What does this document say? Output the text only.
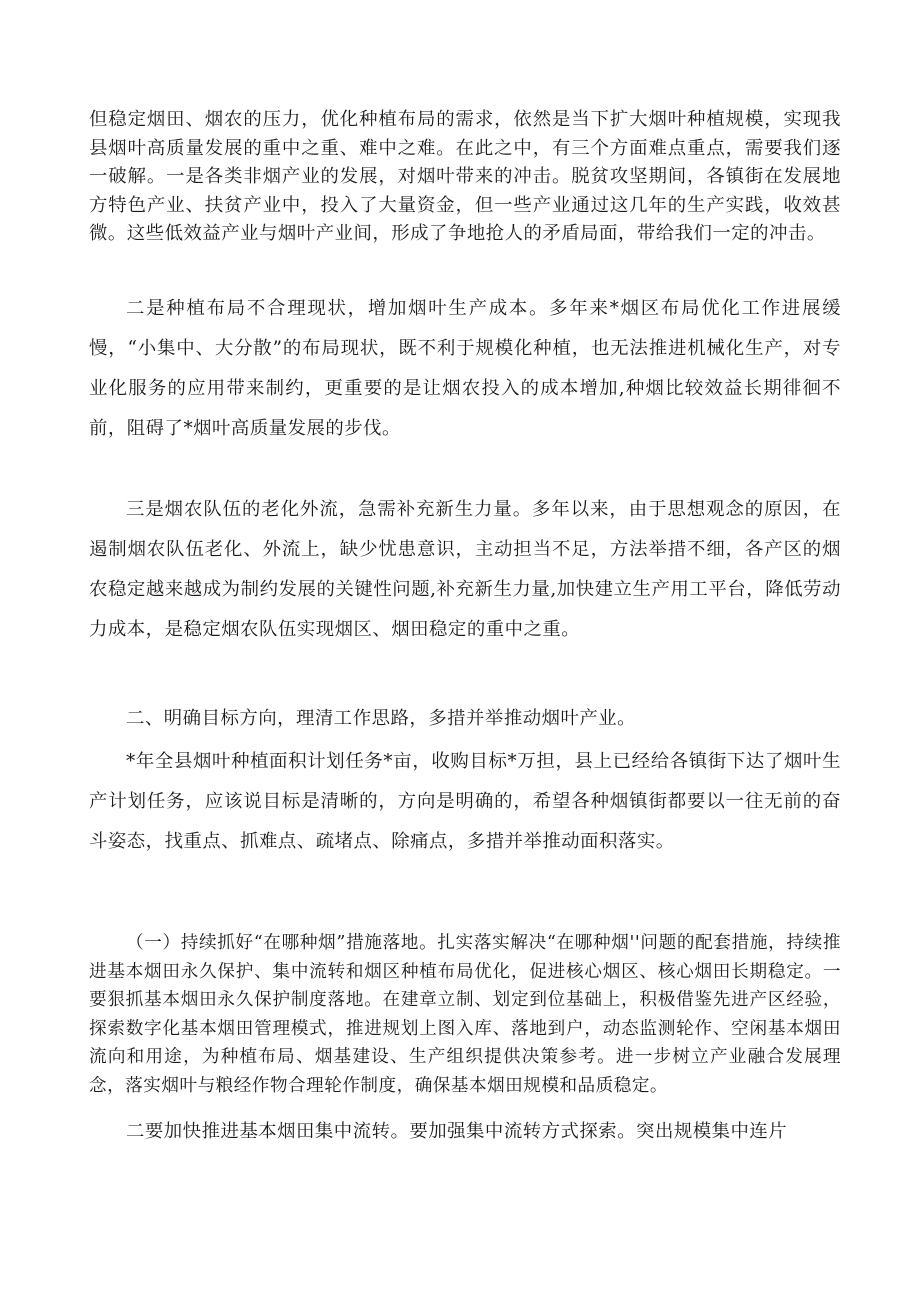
但稳定烟田、烟农的压力，优化种植布局的需求，依然是当下扩大烟叶种植规模，实现我县烟叶高质量发展的重中之重、难中之难。在此之中，有三个方面难点重点，需要我们逐一破解。一是各类非烟产业的发展，对烟叶带来的冲击。脱贫攻坚期间，各镇街在发展地方特色产业、扶贫产业中，投入了大量资金，但一些产业通过这几年的生产实践，收效甚微。这些低效益产业与烟叶产业间，形成了争地抢人的矛盾局面，带给我们一定的冲击。

二是种植布局不合理现状，增加烟叶生产成本。多年来*烟区布局优化工作进展缓慢，“小集中、大分散”的布局现状，既不利于规模化种植，也无法推进机械化生产，对专业化服务的应用带来制约，更重要的是让烟农投入的成本增加,种烟比较效益长期徘徊不前，阻碍了*烟叶高质量发展的步伐。

三是烟农队伍的老化外流，急需补充新生力量。多年以来，由于思想观念的原因，在遏制烟农队伍老化、外流上，缺少忧患意识，主动担当不足，方法举措不细，各产区的烟农稳定越来越成为制约发展的关键性问题,补充新生力量,加快建立生产用工平台，降低劳动力成本，是稳定烟农队伍实现烟区、烟田稳定的重中之重。

二、明确目标方向，理清工作思路，多措并举推动烟叶产业。

*年全县烟叶种植面积计划任务*亩，收购目标*万担，县上已经给各镇街下达了烟叶生产计划任务，应该说目标是清晰的，方向是明确的，希望各种烟镇街都要以一往无前的奋斗姿态，找重点、抓难点、疏堵点、除痛点，多措并举推动面积落实。

（一）持续抓好“在哪种烟”措施落地。扎实落实解决“在哪种烟''问题的配套措施，持续推进基本烟田永久保护、集中流转和烟区种植布局优化，促进核心烟区、核心烟田长期稳定。一要狠抓基本烟田永久保护制度落地。在建章立制、划定到位基础上，积极借鉴先进产区经验，探索数字化基本烟田管理模式，推进规划上图入库、落地到户，动态监测轮作、空闲基本烟田流向和用途，为种植布局、烟基建设、生产组织提供决策参考。进一步树立产业融合发展理念，落实烟叶与粮经作物合理轮作制度，确保基本烟田规模和品质稳定。

二要加快推进基本烟田集中流转。要加强集中流转方式探索。突出规模集中连片
